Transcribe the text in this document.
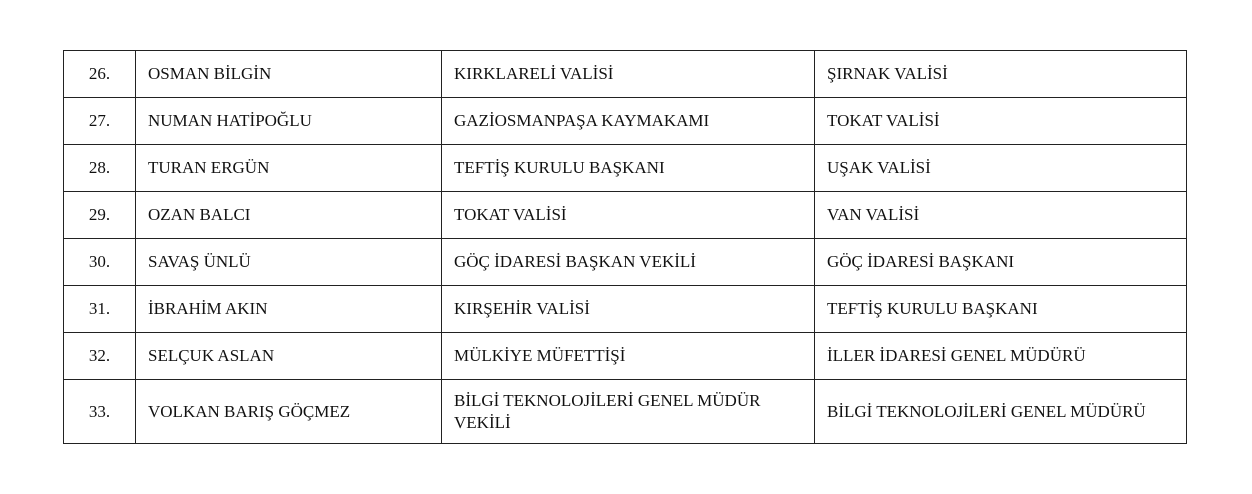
26.	OSMAN BİLGİN	KIRKLARELİ VALİSİ	ŞIRNAK VALİSİ
27.	NUMAN HATİPOĞLU	GAZİOSMANPAŞA KAYMAKAMI	TOKAT VALİSİ
28.	TURAN ERGÜN	TEFTİŞ KURULU BAŞKANI	UŞAK VALİSİ
29.	OZAN BALCI	TOKAT VALİSİ	VAN VALİSİ
30.	SAVAŞ ÜNLÜ	GÖÇ İDARESİ BAŞKAN VEKİLİ	GÖÇ İDARESİ BAŞKANI
31.	İBRAHİM AKIN	KIRŞEHİR VALİSİ	TEFTİŞ KURULU BAŞKANI
32.	SELÇUK ASLAN	MÜLKİYE MÜFETTİŞİ	İLLER İDARESİ GENEL MÜDÜRÜ
33.	VOLKAN BARIŞ GÖÇMEZ	BİLGİ TEKNOLOJİLERİ GENEL MÜDÜR VEKİLİ	BİLGİ TEKNOLOJİLERİ GENEL MÜDÜRÜ
